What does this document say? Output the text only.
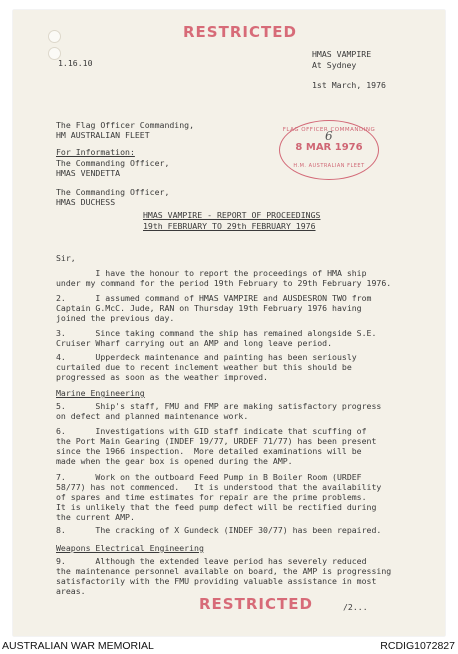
RESTRICTED
1.16.10
HMAS VAMPIRE
At Sydney
1st March, 1976
The Flag Officer Commanding,
HM AUSTRALIAN FLEET
For Information:
The Commanding Officer,
HMAS VENDETTA
The Commanding Officer,
HMAS DUCHESS
FLAG OFFICER COMMANDING
6
8 MAR 1976
H.M. AUSTRALIAN FLEET
HMAS VAMPIRE - REPORT OF PROCEEDINGS
19th FEBRUARY TO 29th FEBRUARY 1976
Sir,
I have the honour to report the proceedings of HMA ship
under my command for the period 19th February to 29th February 1976.
2.      I assumed command of HMAS VAMPIRE and AUSDESRON TWO from
Captain G.McC. Jude, RAN on Thursday 19th February 1976 having
joined the previous day.
3.      Since taking command the ship has remained alongside S.E.
Cruiser Wharf carrying out an AMP and long leave period.
4.      Upperdeck maintenance and painting has been seriously
curtailed due to recent inclement weather but this should be
progressed as soon as the weather improved.
Marine Engineering
5.      Ship's staff, FMU and FMP are making satisfactory progress
on defect and planned maintenance work.
6.      Investigations with GID staff indicate that scuffing of
the Port Main Gearing (INDEF 19/77, URDEF 71/77) has been present
since the 1966 inspection.  More detailed examinations will be
made when the gear box is opened during the AMP.
7.      Work on the outboard Feed Pump in B Boiler Room (URDEF
58/77) has not commenced.   It is understood that the availability
of spares and time estimates for repair are the prime problems.
It is unlikely that the feed pump defect will be rectified during
the current AMP.
8.      The cracking of X Gundeck (INDEF 30/77) has been repaired.
Weapons Electrical Engineering
9.      Although the extended leave period has severely reduced
the maintenance personnel available on board, the AMP is progressing
satisfactorily with the FMU providing valuable assistance in most
areas.
RESTRICTED	/2...
AUSTRALIAN WAR MEMORIAL	RCDIG1072827
